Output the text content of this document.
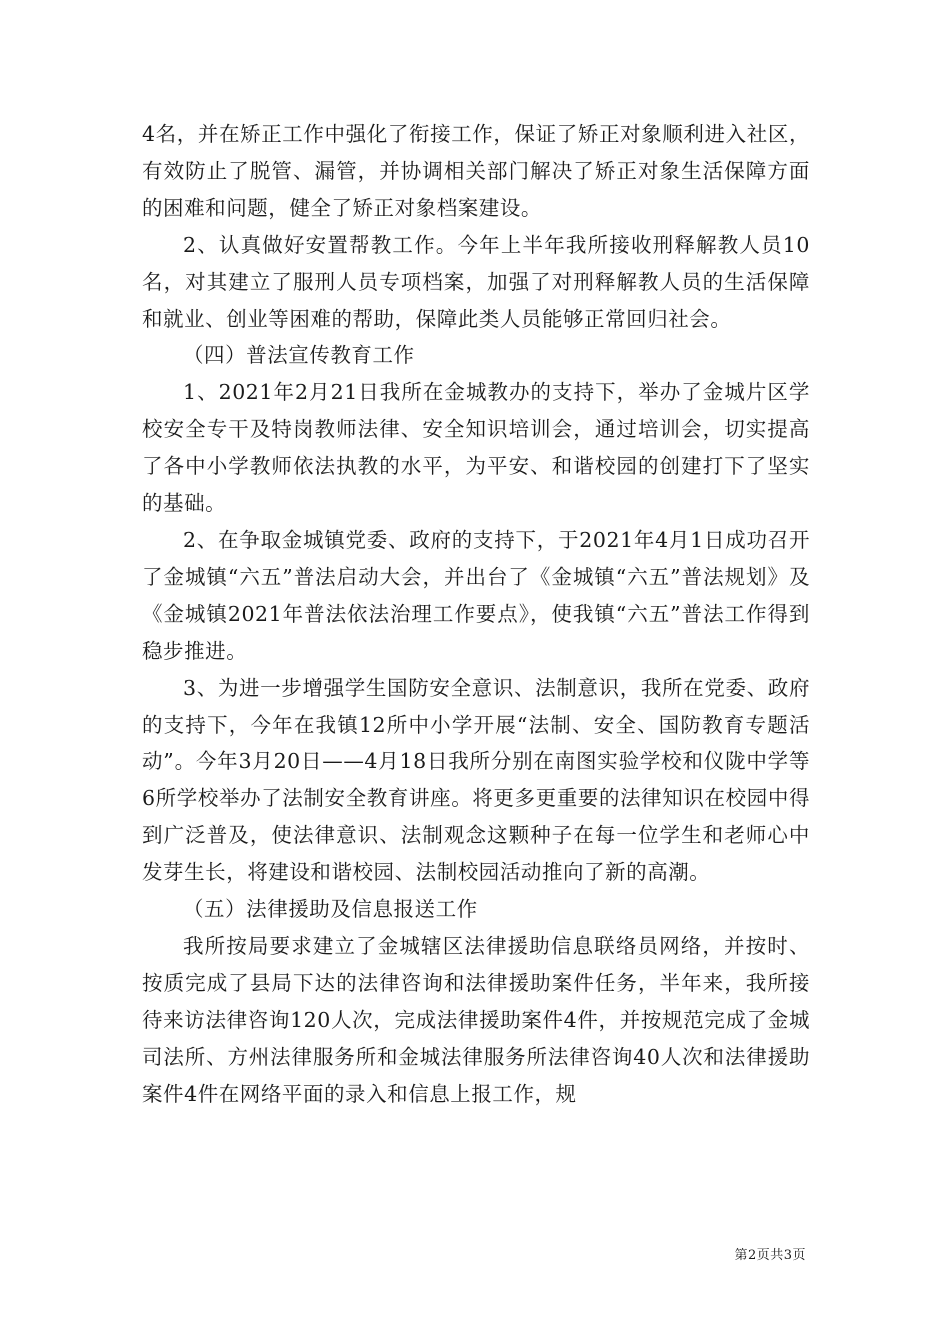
4名，并在矫正工作中强化了衔接工作，保证了矫正对象顺利进入社区，有效防止了脱管、漏管，并协调相关部门解决了矫正对象生活保障方面的困难和问题，健全了矫正对象档案建设。

2、认真做好安置帮教工作。今年上半年我所接收刑释解教人员10名，对其建立了服刑人员专项档案，加强了对刑释解教人员的生活保障和就业、创业等困难的帮助，保障此类人员能够正常回归社会。

（四）普法宣传教育工作

1、2021年2月21日我所在金城教办的支持下，举办了金城片区学校安全专干及特岗教师法律、安全知识培训会，通过培训会，切实提高了各中小学教师依法执教的水平，为平安、和谐校园的创建打下了坚实的基础。

2、在争取金城镇党委、政府的支持下，于2021年4月1日成功召开了金城镇“六五”普法启动大会，并出台了《金城镇“六五”普法规划》及《金城镇2021年普法依法治理工作要点》，使我镇“六五”普法工作得到稳步推进。

3、为进一步增强学生国防安全意识、法制意识，我所在党委、政府的支持下，今年在我镇12所中小学开展“法制、安全、国防教育专题活动”。今年3月20日——4月18日我所分别在南图实验学校和仪陇中学等6所学校举办了法制安全教育讲座。将更多更重要的法律知识在校园中得到广泛普及，使法律意识、法制观念这颗种子在每一位学生和老师心中发芽生长，将建设和谐校园、法制校园活动推向了新的高潮。

（五）法律援助及信息报送工作

我所按局要求建立了金城辖区法律援助信息联络员网络，并按时、按质完成了县局下达的法律咨询和法律援助案件任务，半年来，我所接待来访法律咨询120人次，完成法律援助案件4件，并按规范完成了金城司法所、方州法律服务所和金城法律服务所法律咨询40人次和法律援助案件4件在网络平面的录入和信息上报工作，规

第2页共3页
